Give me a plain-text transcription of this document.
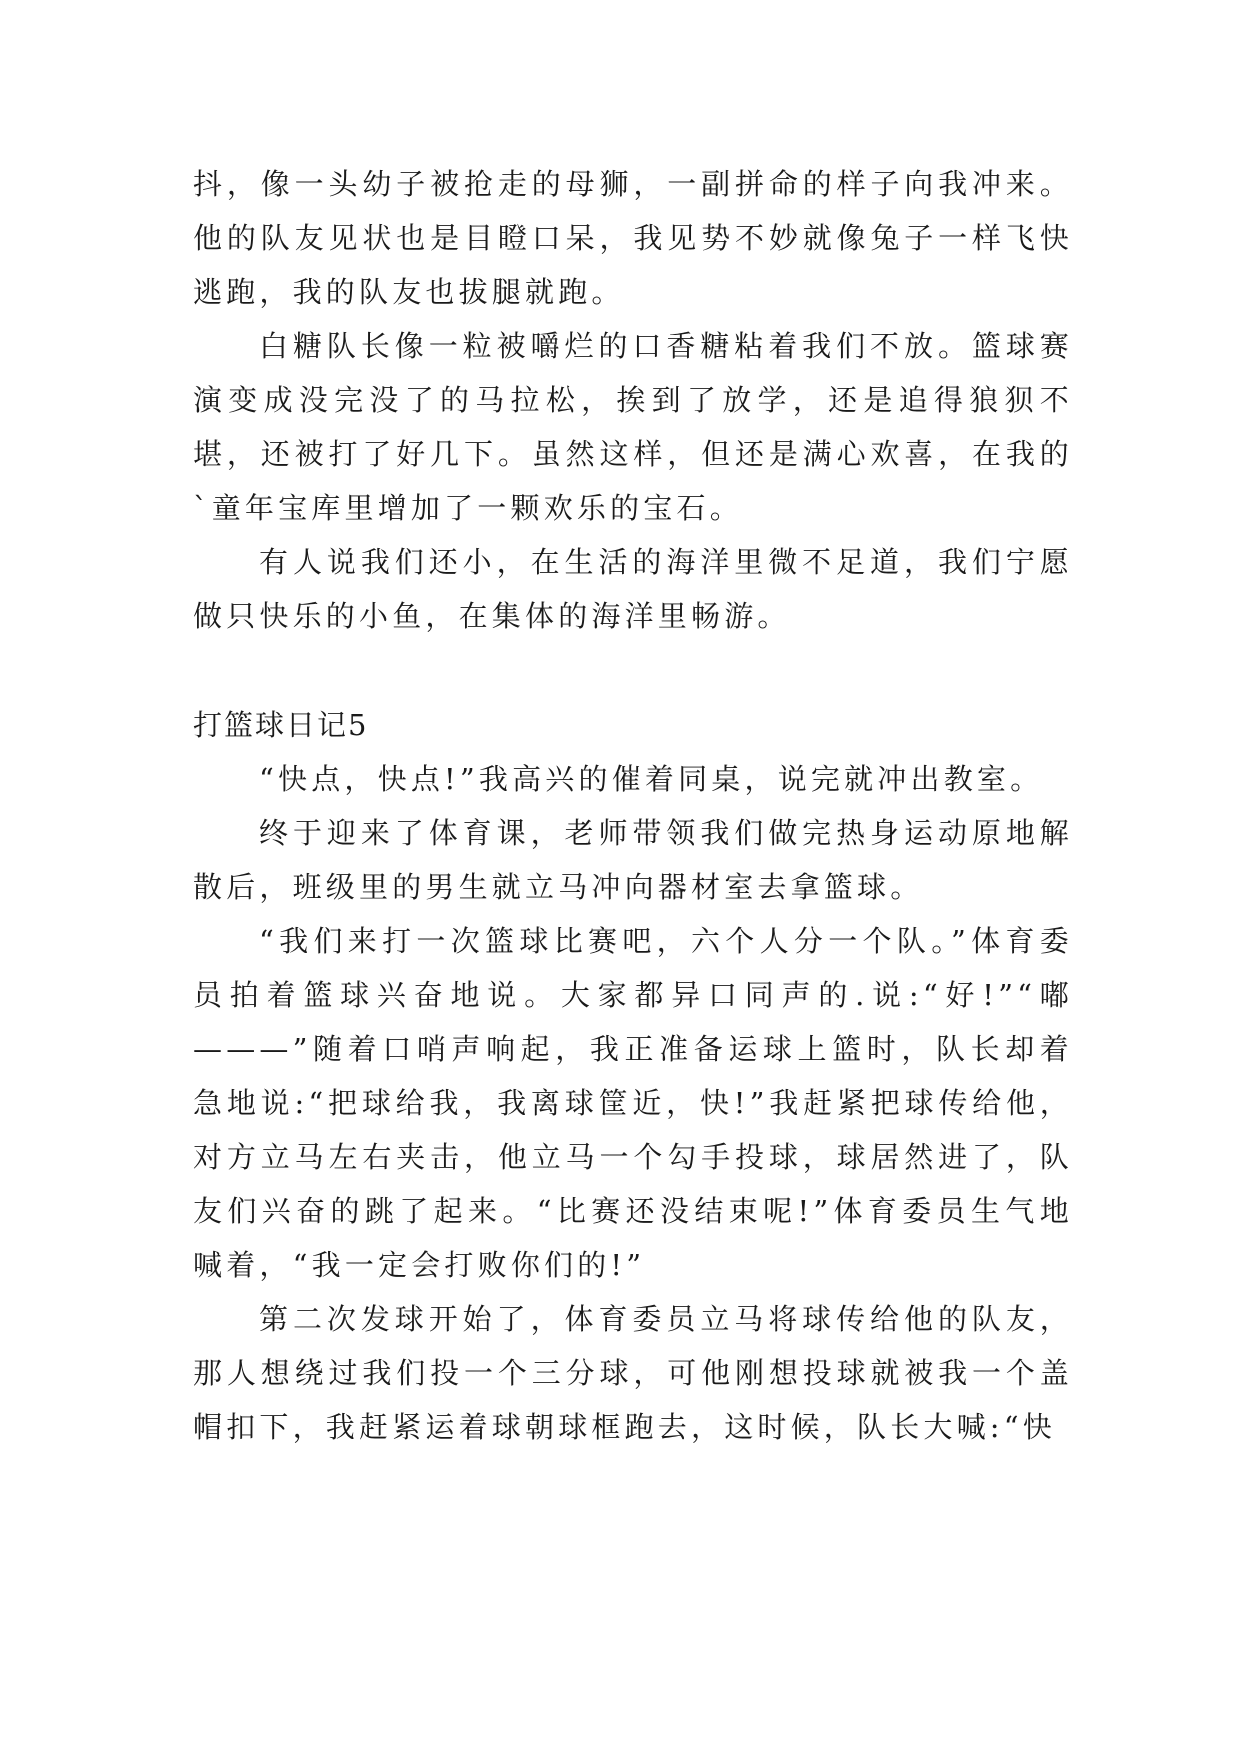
抖，像一头幼子被抢走的母狮，一副拼命的样子向我冲来。他的队友见状也是目瞪口呆，我见势不妙就像兔子一样飞快逃跑，我的队友也拔腿就跑。

白糖队长像一粒被嚼烂的口香糖粘着我们不放。篮球赛演变成没完没了的马拉松，挨到了放学，还是追得狼狈不堪，还被打了好几下。虽然这样，但还是满心欢喜，在我的`童年宝库里增加了一颗欢乐的宝石。

有人说我们还小，在生活的海洋里微不足道，我们宁愿做只快乐的小鱼，在集体的海洋里畅游。

打篮球日记5

“快点，快点!”我高兴的催着同桌，说完就冲出教室。

终于迎来了体育课，老师带领我们做完热身运动原地解散后，班级里的男生就立马冲向器材室去拿篮球。

“我们来打一次篮球比赛吧，六个人分一个队。”体育委员拍着篮球兴奋地说。大家都异口同声的.说:“好!”“嘟———”随着口哨声响起，我正准备运球上篮时，队长却着急地说:“把球给我，我离球筐近，快!”我赶紧把球传给他，对方立马左右夹击，他立马一个勾手投球，球居然进了，队友们兴奋的跳了起来。“比赛还没结束呢!”体育委员生气地喊着，“我一定会打败你们的!”

第二次发球开始了，体育委员立马将球传给他的队友，那人想绕过我们投一个三分球，可他刚想投球就被我一个盖帽扣下，我赶紧运着球朝球框跑去，这时候，队长大喊:“快
